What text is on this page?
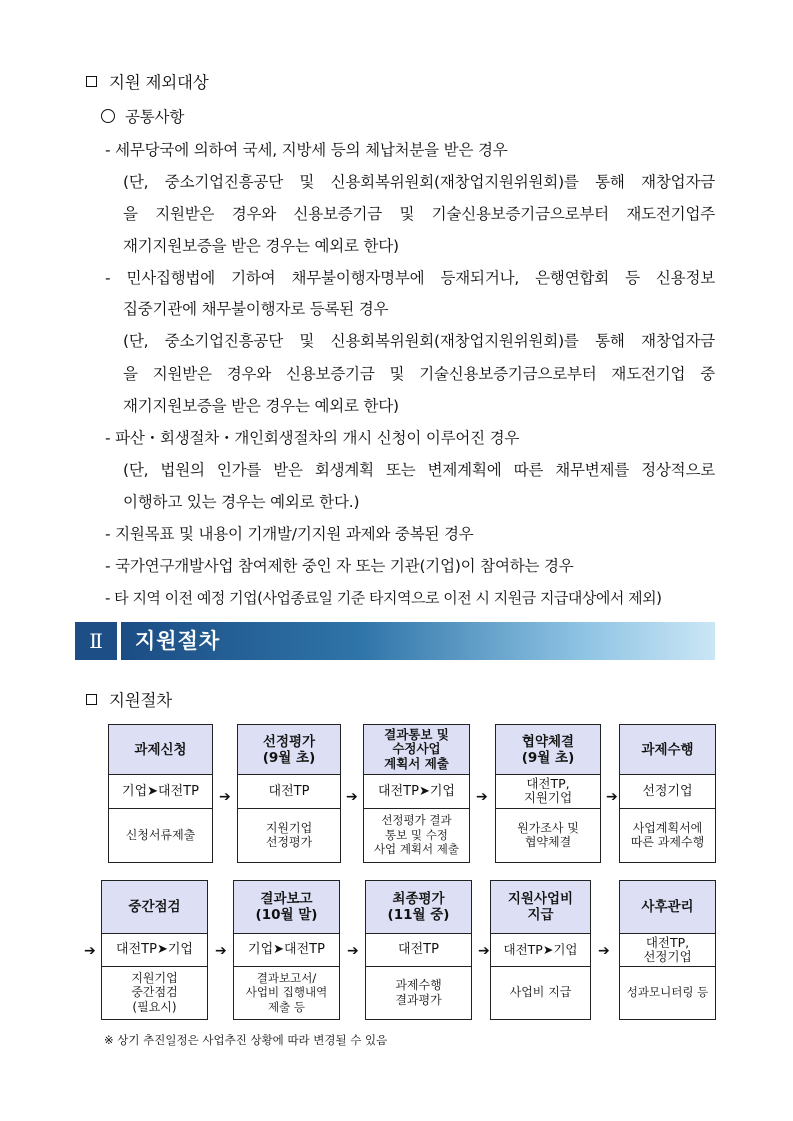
지원 제외대상
공통사항
- 세무당국에 의하여 국세, 지방세 등의 체납처분을 받은 경우
(단, 중소기업진흥공단 및 신용회복위원회(재창업지원위원회)를 통해 재창업자금
을 지원받은 경우와 신용보증기금 및 기술신용보증기금으로부터 재도전기업주
재기지원보증을 받은 경우는 예외로 한다)
- 민사집행법에 기하여 채무불이행자명부에 등재되거나, 은행연합회 등 신용정보
집중기관에 채무불이행자로 등록된 경우
(단, 중소기업진흥공단 및 신용회복위원회(재창업지원위원회)를 통해 재창업자금
을 지원받은 경우와 신용보증기금 및 기술신용보증기금으로부터 재도전기업 중
재기지원보증을 받은 경우는 예외로 한다)
- 파산・회생절차・개인회생절차의 개시 신청이 이루어진 경우
(단, 법원의 인가를 받은 회생계획 또는 변제계획에 따른 채무변제를 정상적으로
이행하고 있는 경우는 예외로 한다.)
- 지원목표 및 내용이 기개발/기지원 과제와 중복된 경우
- 국가연구개발사업 참여제한 중인 자 또는 기관(기업)이 참여하는 경우
- 타 지역 이전 예정 기업(사업종료일 기준 타지역으로 이전 시 지원금 지급대상에서 제외)
Ⅱ	지원절차
지원절차
과제신청
기업➤대전TP
신청서류제출
➔
선정평가
(9월 초)
대전TP
지원기업
선정평가
➔
결과통보 및
수정사업
계획서 제출
대전TP➤기업
선정평가 결과
통보 및 수정
사업 계획서 제출
➔
협약체결
(9월 초)
대전TP,
지원기업
원가조사 및
협약체결
➔
과제수행
선정기업
사업계획서에
따른 과제수행
➔
중간점검
대전TP➤기업
지원기업
중간점검
(필요시)
➔
결과보고
(10월 말)
기업➤대전TP
결과보고서/
사업비 집행내역
제출 등
➔
최종평가
(11월 중)
대전TP
과제수행
결과평가
➔
지원사업비
지급
대전TP➤기업
사업비 지급
➔
사후관리
대전TP,
선정기업
성과모니터링 등
※ 상기 추진일정은 사업추진 상황에 따라 변경될 수 있음
